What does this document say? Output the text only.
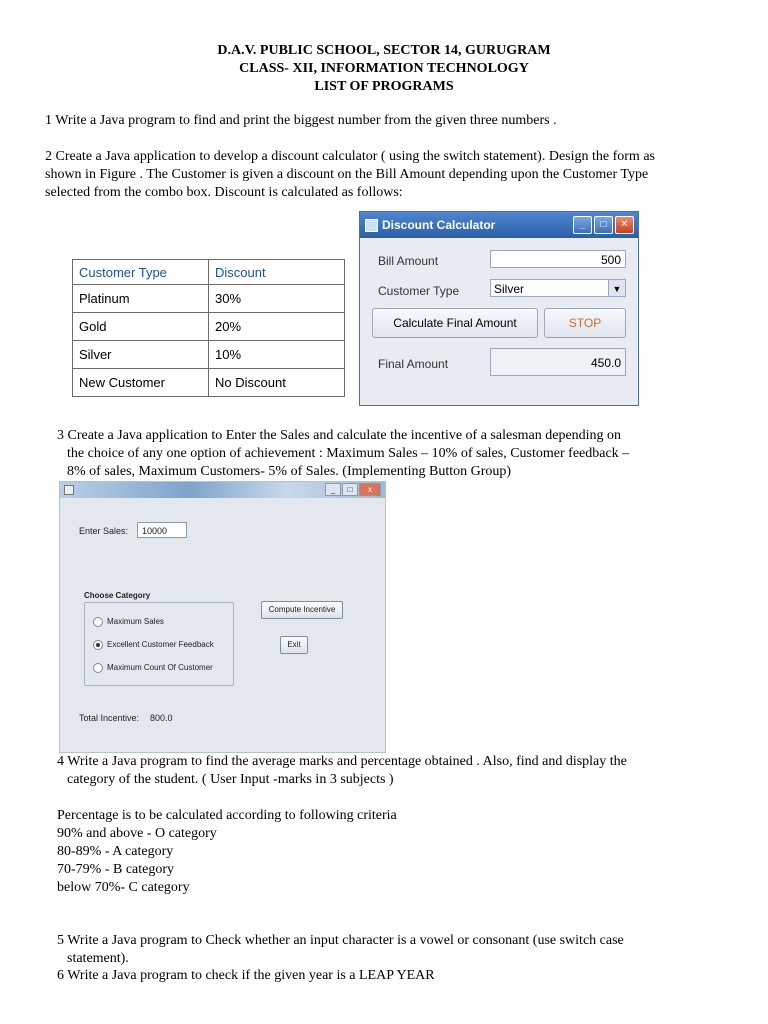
D.A.V. PUBLIC SCHOOL, SECTOR 14, GURUGRAM
CLASS- XII, INFORMATION TECHNOLOGY
LIST OF PROGRAMS
1 Write a Java program to find and print the biggest number from the given three numbers .
2 Create a Java application to develop a discount calculator ( using the switch statement). Design the form as
shown in Figure . The Customer is given a discount on the Bill Amount depending upon the Customer Type
selected from the combo box. Discount is calculated as follows:
Customer Type	Discount
Platinum	30%
Gold	20%
Silver	10%
New Customer	No Discount
Discount Calculator	_	□	✕
Bill Amount	500
Customer Type	Silver	▼
Calculate Final Amount	STOP
Final Amount	450.0
3 Create a Java application to Enter the Sales and calculate the incentive of a salesman depending on
the choice of any one option of achievement : Maximum Sales – 10% of sales, Customer feedback –
8% of sales, Maximum Customers- 5% of Sales. (Implementing Button Group)
_	□	x
Enter Sales:	10000
Choose Category
Maximum Sales
Excellent Customer Feedback
Maximum Count Of Customer
Compute Incentive
Exit
Total Incentive: 800.0
4 Write a Java program to find the average marks and percentage obtained . Also, find and display the
category of the student. ( User Input -marks in 3 subjects )
Percentage is to be calculated according to following criteria
90% and above - O category
80-89% - A category
70-79% - B category
below 70%- C category
5 Write a Java program to Check whether an input character is a vowel or consonant (use switch case
statement).
6 Write a Java program to check if the given year is a LEAP YEAR
